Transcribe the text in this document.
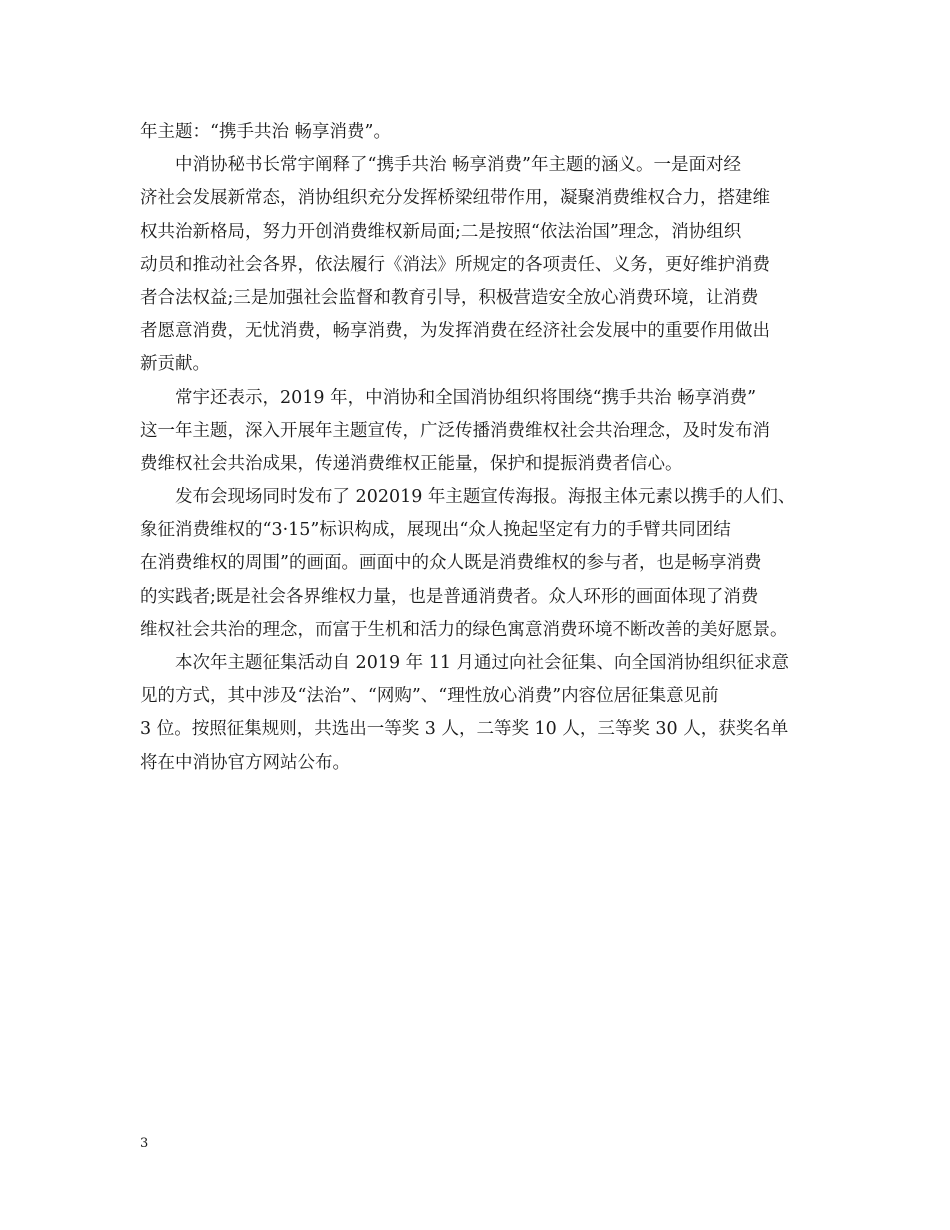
年主题：“携手共治 畅享消费”。
中消协秘书长常宇阐释了“携手共治 畅享消费”年主题的涵义。一是面对经
济社会发展新常态，消协组织充分发挥桥梁纽带作用，凝聚消费维权合力，搭建维
权共治新格局，努力开创消费维权新局面;二是按照“依法治国”理念，消协组织
动员和推动社会各界，依法履行《消法》所规定的各项责任、义务，更好维护消费
者合法权益;三是加强社会监督和教育引导，积极营造安全放心消费环境，让消费
者愿意消费，无忧消费，畅享消费，为发挥消费在经济社会发展中的重要作用做出
新贡献。
常宇还表示，2019 年，中消协和全国消协组织将围绕“携手共治 畅享消费”
这一年主题，深入开展年主题宣传，广泛传播消费维权社会共治理念，及时发布消
费维权社会共治成果，传递消费维权正能量，保护和提振消费者信心。
发布会现场同时发布了 202019 年主题宣传海报。海报主体元素以携手的人们、
象征消费维权的“3·15”标识构成，展现出“众人挽起坚定有力的手臂共同团结
在消费维权的周围”的画面。画面中的众人既是消费维权的参与者，也是畅享消费
的实践者;既是社会各界维权力量，也是普通消费者。众人环形的画面体现了消费
维权社会共治的理念，而富于生机和活力的绿色寓意消费环境不断改善的美好愿景。
本次年主题征集活动自 2019 年 11 月通过向社会征集、向全国消协组织征求意
见的方式，其中涉及“法治”、“网购”、“理性放心消费”内容位居征集意见前
3 位。按照征集规则，共选出一等奖 3 人，二等奖 10 人，三等奖 30 人，获奖名单
将在中消协官方网站公布。
3
